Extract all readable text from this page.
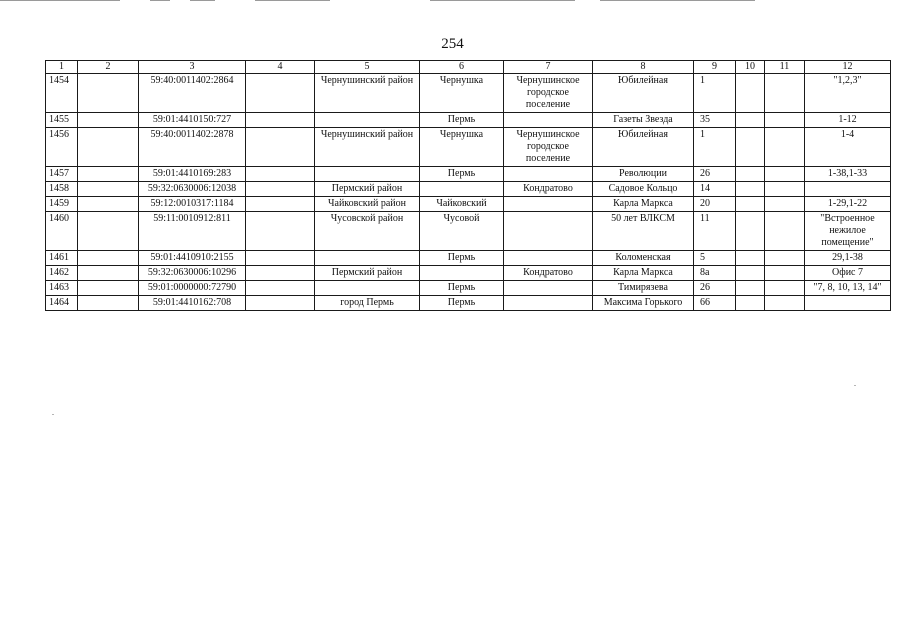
254
1	2	3	4	5	6	7	8	9	10	11	12
1454		59:40:0011402:2864		Чернушинский район	Чернушка	Чернушинское городское поселение	Юбилейная	1			"1,2,3"
1455		59:01:4410150:727			Пермь		Газеты Звезда	35			1-12
1456		59:40:0011402:2878		Чернушинский район	Чернушка	Чернушинское городское поселение	Юбилейная	1			1-4
1457		59:01:4410169:283			Пермь		Революции	26			1-38,1-33
1458		59:32:0630006:12038		Пермский район		Кондратово	Садовое Кольцо	14			
1459		59:12:0010317:1184		Чайковский район	Чайковский		Карла Маркса	20			1-29,1-22
1460		59:11:0010912:811		Чусовской район	Чусовой		50 лет ВЛКСМ	11			"Встроенное нежилое помещение"
1461		59:01:4410910:2155			Пермь		Коломенская	5			29,1-38
1462		59:32:0630006:10296		Пермский район		Кондратово	Карла Маркса	8а			Офис 7
1463		59:01:0000000:72790			Пермь		Тимирязева	26			"7, 8, 10, 13, 14"
1464		59:01:4410162:708		город Пермь	Пермь		Максима Горького	66			
